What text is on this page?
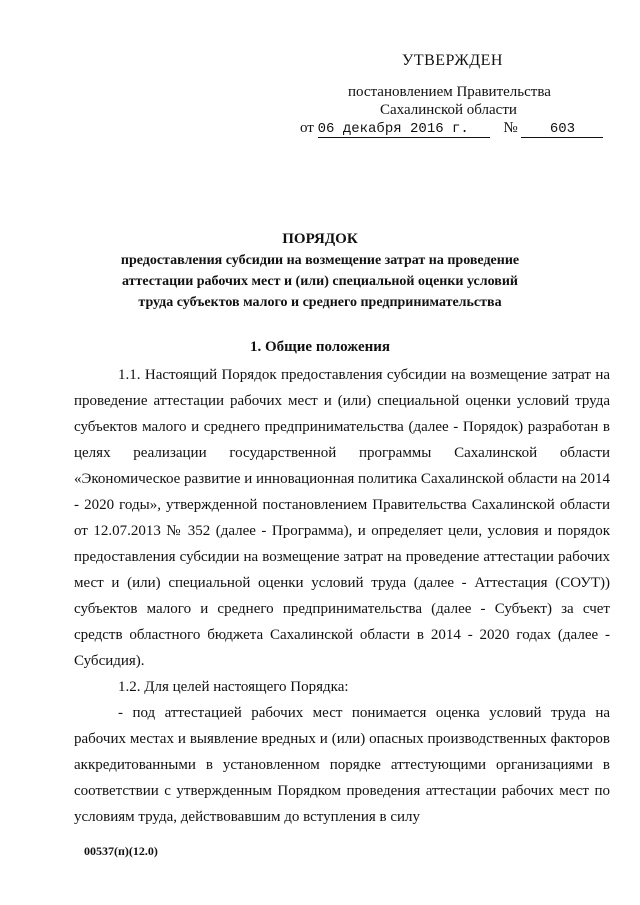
УТВЕРЖДЕН
постановлением Правительства
Сахалинской области
от 06 декабря 2016 г. № 603
ПОРЯДОК
предоставления субсидии на возмещение затрат на проведение
аттестации рабочих мест и (или) специальной оценки условий
труда субъектов малого и среднего предпринимательства
1. Общие положения

1.1. Настоящий Порядок предоставления субсидии на возмещение затрат на проведение аттестации рабочих мест и (или) специальной оценки условий труда субъектов малого и среднего предпринимательства (далее - Порядок) разработан в целях реализации государственной программы Сахалинской области «Экономическое развитие и инновационная политика Сахалинской области на 2014 - 2020 годы», утвержденной постановлением Правительства Сахалинской области от 12.07.2013 № 352 (далее - Программа), и определяет цели, условия и порядок предоставления субсидии на возмещение затрат на проведение аттестации рабочих мест и (или) специальной оценки условий труда (далее - Аттестация (СОУТ)) субъектов малого и среднего предпринимательства (далее - Субъект) за счет средств областного бюджета Сахалинской области в 2014 - 2020 годах (далее - Субсидия).

1.2. Для целей настоящего Порядка:

- под аттестацией рабочих мест понимается оценка условий труда на рабочих местах и выявление вредных и (или) опасных производственных факторов аккредитованными в установленном порядке аттестующими организациями в соответствии с утвержденным Порядком проведения аттестации рабочих мест по условиям труда, действовавшим до вступления в силу

00537(п)(12.0)
